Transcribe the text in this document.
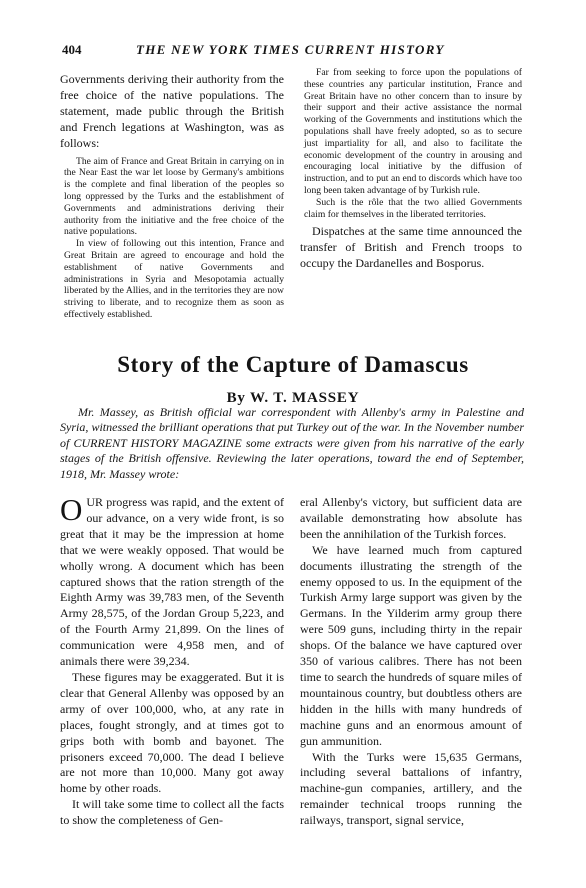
404	THE NEW YORK TIMES CURRENT HISTORY

Governments deriving their authority from the free choice of the native populations. The statement, made public through the British and French legations at Washington, was as follows:

The aim of France and Great Britain in carrying on in the Near East the war let loose by Germany's ambitions is the complete and final liberation of the peoples so long oppressed by the Turks and the establishment of Governments and administrations deriving their authority from the initiative and the free choice of the native populations.

In view of following out this intention, France and Great Britain are agreed to encourage and hold the establishment of native Governments and administrations in Syria and Mesopotamia actually liberated by the Allies, and in the territories they are now striving to liberate, and to recognize them as soon as effectively established.

Far from seeking to force upon the populations of these countries any particular institution, France and Great Britain have no other concern than to insure by their support and their active assistance the normal working of the Governments and institutions which the populations shall have freely adopted, so as to secure just impartiality for all, and also to facilitate the economic development of the country in arousing and encouraging local initiative by the diffusion of instruction, and to put an end to discords which have too long been taken advantage of by Turkish rule.

Such is the rôle that the two allied Governments claim for themselves in the liberated territories.

Dispatches at the same time announced the transfer of British and French troops to occupy the Dardanelles and Bosporus.

Story of the Capture of Damascus
By W. T. MASSEY

Mr. Massey, as British official war correspondent with Allenby's army in Palestine and Syria, witnessed the brilliant operations that put Turkey out of the war. In the November number of CURRENT HISTORY MAGAZINE some extracts were given from his narrative of the early stages of the British offensive. Reviewing the later operations, toward the end of September, 1918, Mr. Massey wrote:

OUR progress was rapid, and the extent of our advance, on a very wide front, is so great that it may be the impression at home that we were weakly opposed. That would be wholly wrong. A document which has been captured shows that the ration strength of the Eighth Army was 39,783 men, of the Seventh Army 28,575, of the Jordan Group 5,223, and of the Fourth Army 21,899. On the lines of communication were 4,958 men, and of animals there were 39,234.

These figures may be exaggerated. But it is clear that General Allenby was opposed by an army of over 100,000, who, at any rate in places, fought strongly, and at times got to grips both with bomb and bayonet. The prisoners exceed 70,000. The dead I believe are not more than 10,000. Many got away home by other roads.

It will take some time to collect all the facts to show the completeness of Gen-

eral Allenby's victory, but sufficient data are available demonstrating how absolute has been the annihilation of the Turkish forces.

We have learned much from captured documents illustrating the strength of the enemy opposed to us. In the equipment of the Turkish Army large support was given by the Germans. In the Yilderim army group there were 509 guns, including thirty in the repair shops. Of the balance we have captured over 350 of various calibres. There has not been time to search the hundreds of square miles of mountainous country, but doubtless others are hidden in the hills with many hundreds of machine guns and an enormous amount of gun ammunition.

With the Turks were 15,635 Germans, including several battalions of infantry, machine-gun companies, artillery, and the remainder technical troops running the railways, transport, signal service,
